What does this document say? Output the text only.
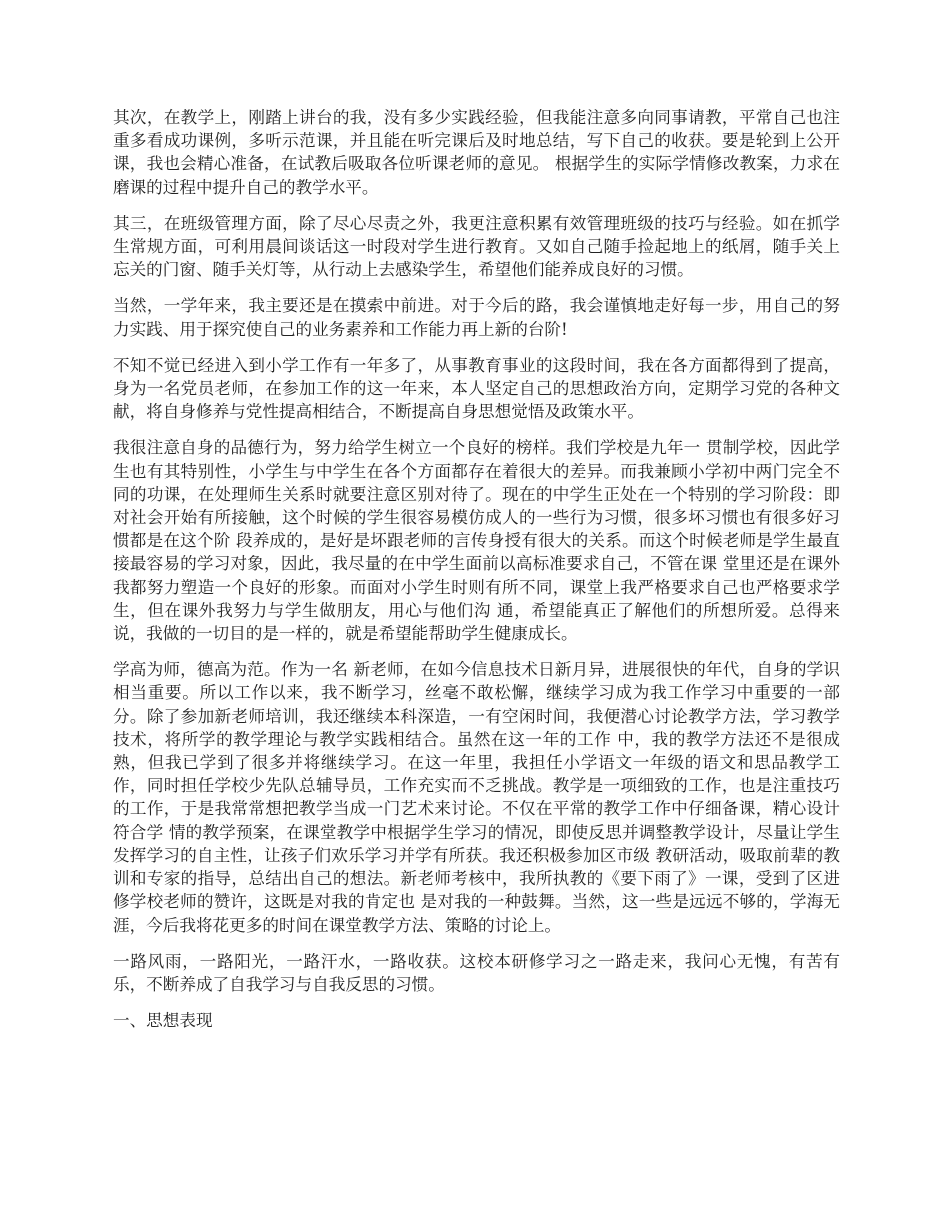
其次，在教学上，刚踏上讲台的我，没有多少实践经验，但我能注意多向同事请教，平常自己也注重多看成功课例，多听示范课，并且能在听完课后及时地总结，写下自己的收获。要是轮到上公开课，我也会精心准备，在试教后吸取各位听课老师的意见。 根据学生的实际学情修改教案，力求在磨课的过程中提升自己的教学水平。

其三，在班级管理方面，除了尽心尽责之外，我更注意积累有效管理班级的技巧与经验。如在抓学生常规方面，可利用晨间谈话这一时段对学生进行教育。又如自己随手捡起地上的纸屑，随手关上忘关的门窗、随手关灯等，从行动上去感染学生，希望他们能养成良好的习惯。

当然，一学年来，我主要还是在摸索中前进。对于今后的路，我会谨慎地走好每一步，用自己的努力实践、用于探究使自己的业务素养和工作能力再上新的台阶!

不知不觉已经进入到小学工作有一年多了，从事教育事业的这段时间，我在各方面都得到了提高，身为一名党员老师，在参加工作的这一年来，本人坚定自己的思想政治方向，定期学习党的各种文献，将自身修养与党性提高相结合，不断提高自身思想觉悟及政策水平。

我很注意自身的品德行为，努力给学生树立一个良好的榜样。我们学校是九年一 贯制学校，因此学生也有其特别性，小学生与中学生在各个方面都存在着很大的差异。而我兼顾小学初中两门完全不同的功课，在处理师生关系时就要注意区别对待了。现在的中学生正处在一个特别的学习阶段：即对社会开始有所接触，这个时候的学生很容易模仿成人的一些行为习惯，很多坏习惯也有很多好习惯都是在这个阶 段养成的，是好是坏跟老师的言传身授有很大的关系。而这个时候老师是学生最直接最容易的学习对象，因此，我尽量的在中学生面前以高标准要求自己，不管在课 堂里还是在课外我都努力塑造一个良好的形象。而面对小学生时则有所不同，课堂上我严格要求自己也严格要求学生，但在课外我努力与学生做朋友，用心与他们沟 通，希望能真正了解他们的所想所爱。总得来说，我做的一切目的是一样的，就是希望能帮助学生健康成长。

学高为师，德高为范。作为一名 新老师，在如今信息技术日新月异，进展很快的年代，自身的学识相当重要。所以工作以来，我不断学习，丝毫不敢松懈，继续学习成为我工作学习中重要的一部 分。除了参加新老师培训，我还继续本科深造，一有空闲时间，我便潜心讨论教学方法，学习教学技术，将所学的教学理论与教学实践相结合。虽然在这一年的工作 中，我的教学方法还不是很成熟，但我已学到了很多并将继续学习。在这一年里，我担任小学语文一年级的语文和思品教学工作，同时担任学校少先队总辅导员，工作充实而不乏挑战。教学是一项细致的工作，也是注重技巧的工作，于是我常常想把教学当成一门艺术来讨论。不仅在平常的教学工作中仔细备课，精心设计符合学 情的教学预案，在课堂教学中根据学生学习的情况，即使反思并调整教学设计，尽量让学生发挥学习的自主性，让孩子们欢乐学习并学有所获。我还积极参加区市级 教研活动，吸取前辈的教训和专家的指导，总结出自己的想法。新老师考核中，我所执教的《要下雨了》一课，受到了区进修学校老师的赞许，这既是对我的肯定也 是对我的一种鼓舞。当然，这一些是远远不够的，学海无涯，今后我将花更多的时间在课堂教学方法、策略的讨论上。

一路风雨，一路阳光，一路汗水，一路收获。这校本研修学习之一路走来，我问心无愧，有苦有乐，不断养成了自我学习与自我反思的习惯。

一、思想表现
